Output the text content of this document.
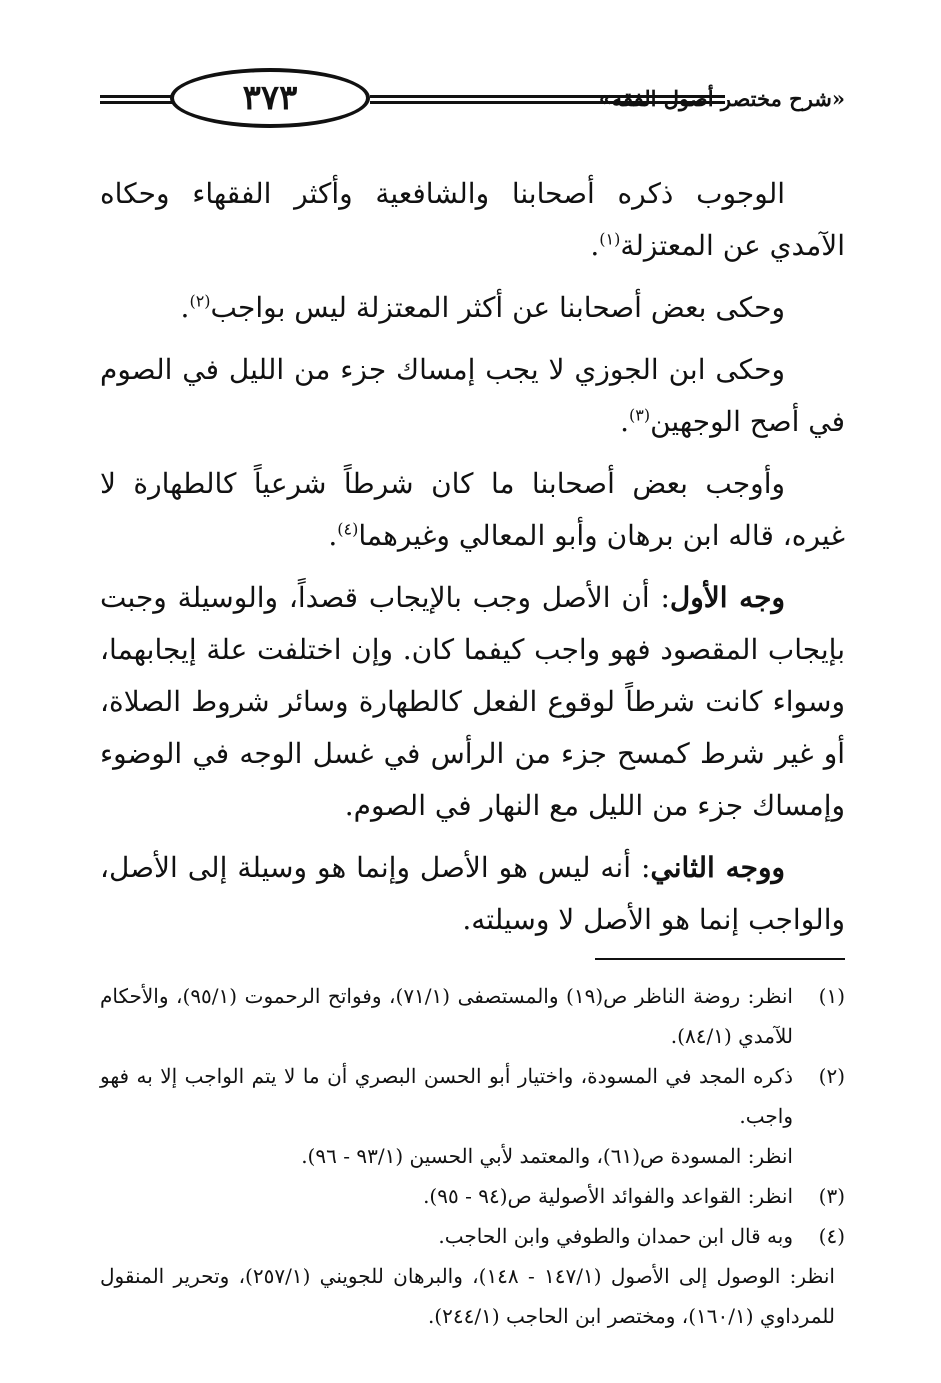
٣٧٣	«شرح مختصر أصول الفقه»

الوجوب ذكره أصحابنا والشافعية وأكثر الفقهاء وحكاه الآمدي عن المعتزلة$^{(١)}$.

وحكى بعض أصحابنا عن أكثر المعتزلة ليس بواجب$^{(٢)}$.

وحكى ابن الجوزي لا يجب إمساك جزء من الليل في الصوم في أصح الوجهين$^{(٣)}$.

وأوجب بعض أصحابنا ما كان شرطاً شرعياً كالطهارة لا غيره، قاله ابن برهان وأبو المعالي وغيرهما$^{(٤)}$.

وجه الأول: أن الأصل وجب بالإيجاب قصداً، والوسيلة وجبت بإيجاب المقصود فهو واجب كيفما كان. وإن اختلفت علة إيجابهما، وسواء كانت شرطاً لوقوع الفعل كالطهارة وسائر شروط الصلاة، أو غير شرط كمسح جزء من الرأس في غسل الوجه في الوضوء وإمساك جزء من الليل مع النهار في الصوم.

ووجه الثاني: أنه ليس هو الأصل وإنما هو وسيلة إلى الأصل، والواجب إنما هو الأصل لا وسيلته.

(١)
انظر: روضة الناظر ص(١٩) والمستصفى (٧١/١)، وفواتح الرحموت (٩٥/١)، والأحكام للآمدي (٨٤/١).
(٢)
ذكره المجد في المسودة، واختيار أبو الحسن البصري أن ما لا يتم الواجب إلا به فهو واجب.
انظر: المسودة ص(٦١)، والمعتمد لأبي الحسين (٩٣/١ - ٩٦).
(٣)
انظر: القواعد والفوائد الأصولية ص(٩٤ - ٩٥).
(٤)
وبه قال ابن حمدان والطوفي وابن الحاجب.
انظر: الوصول إلى الأصول (١٤٧/١ - ١٤٨)، والبرهان للجويني (٢٥٧/١)، وتحرير المنقول للمرداوي (١٦٠/١)، ومختصر ابن الحاجب (٢٤٤/١).
